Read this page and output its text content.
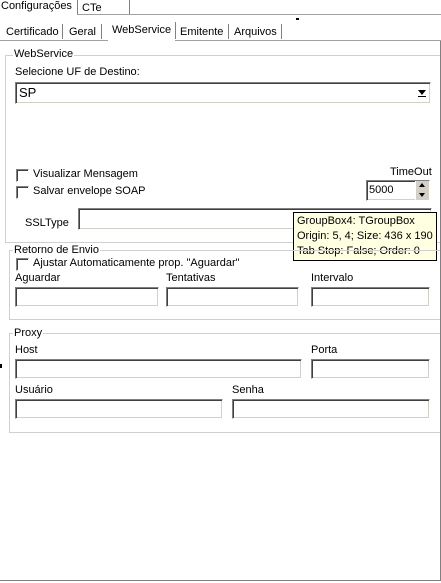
Configurações CTe
Certificado Geral WebService Emitente Arquivos
WebService
Selecione UF de Destino:
SP
Visualizar Mensagem
Salvar envelope SOAP
TimeOut
5000
SSLType	GroupBox4: TGroupBox
Origin: 5, 4; Size: 436 x 190
Tab Stop: False; Order: 0
Retorno de Envio
Ajustar Automaticamente prop. "Aguardar"
Aguardar	Tentativas	Intervalo
Proxy
Host	Porta
Usuário	Senha
